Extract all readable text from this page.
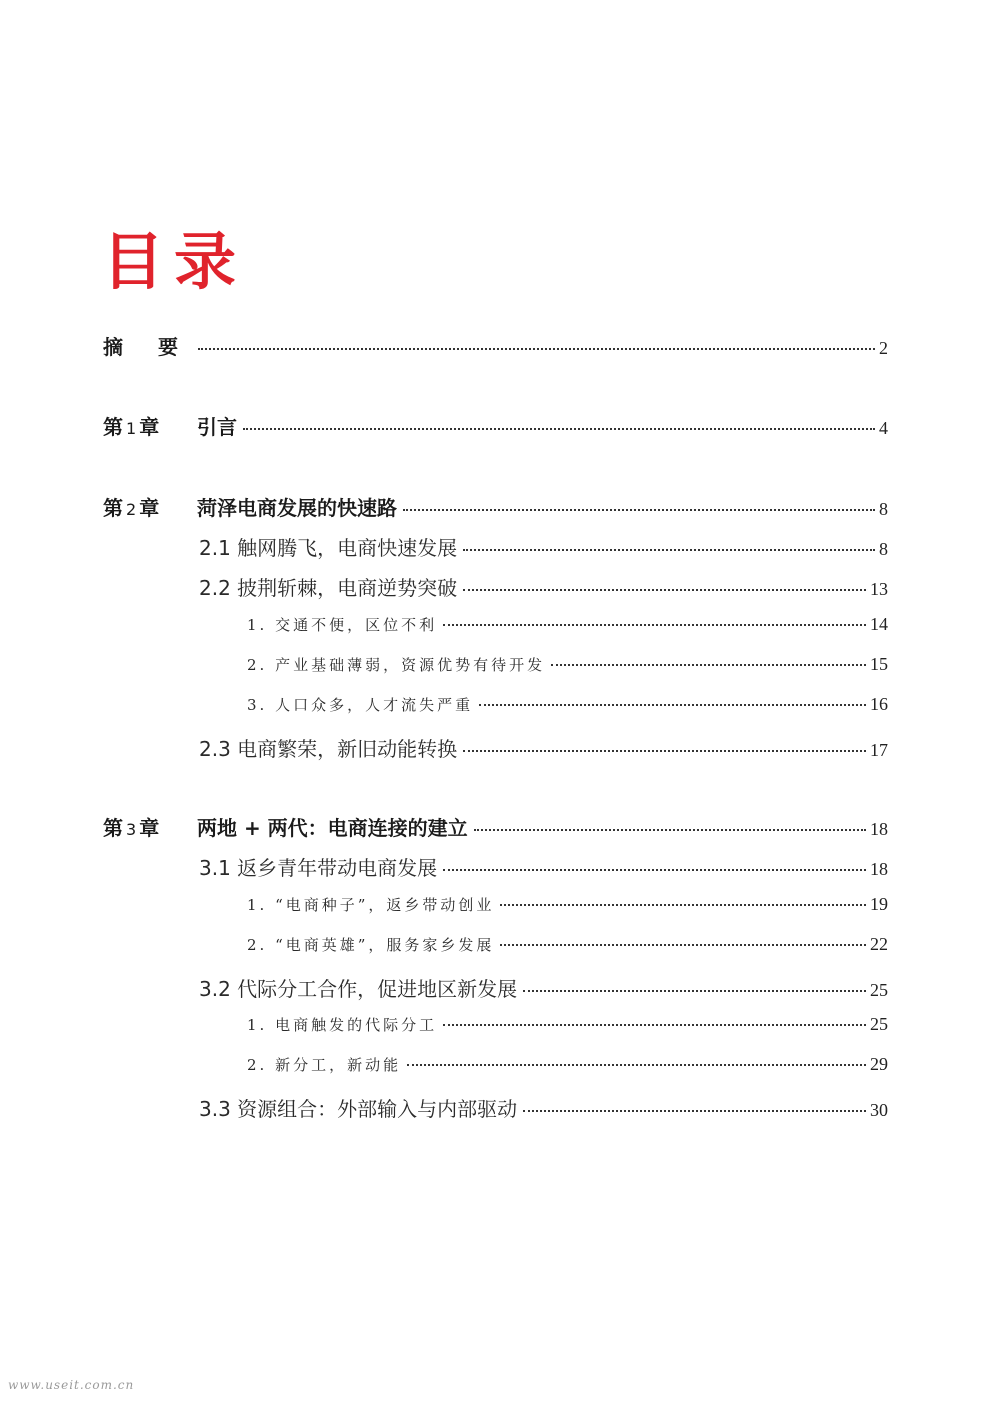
目录
摘 要	2
第 1 章	引言	4
第 2 章	菏泽电商发展的快速路	8
2.1 触网腾飞，电商快速发展	8
2.2 披荆斩棘，电商逆势突破	13
1. 交通不便，区位不利	14
2. 产业基础薄弱，资源优势有待开发	15
3. 人口众多，人才流失严重	16
2.3 电商繁荣，新旧动能转换	17
第 3 章	两地 + 两代：电商连接的建立	18
3.1 返乡青年带动电商发展	18
1. “电商种子”，返乡带动创业	19
2. “电商英雄”，服务家乡发展	22
3.2 代际分工合作，促进地区新发展	25
1. 电商触发的代际分工	25
2. 新分工，新动能	29
3.3 资源组合：外部输入与内部驱动	30
www.useit.com.cn
